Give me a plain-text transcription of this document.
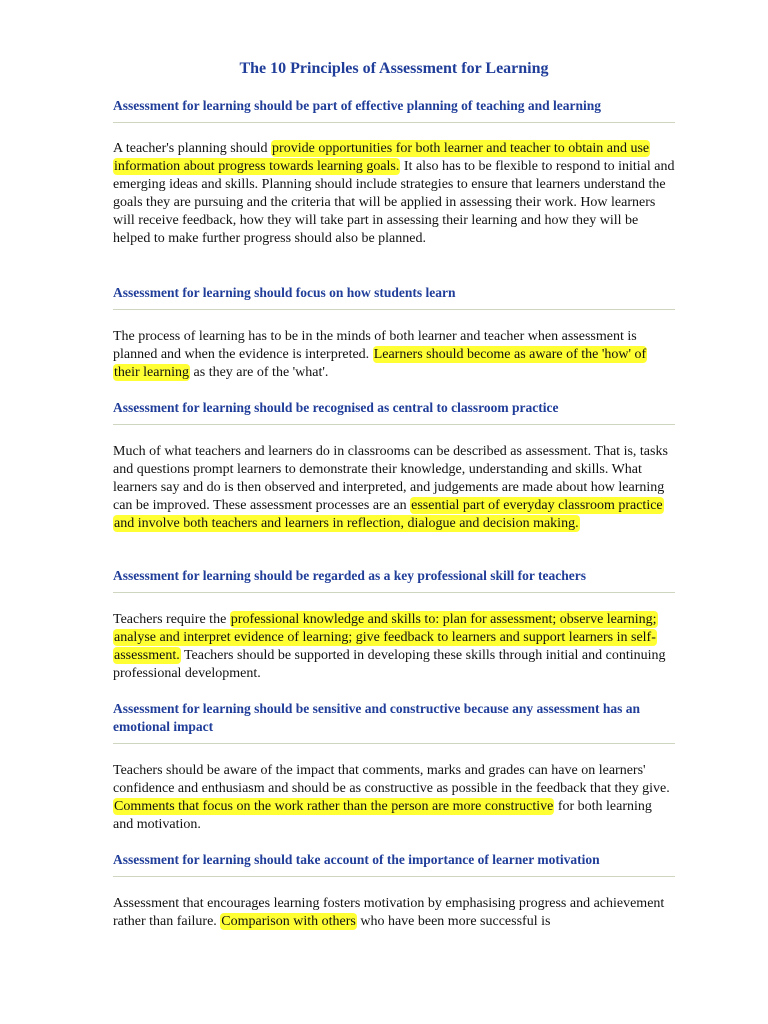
The 10 Principles of Assessment for Learning
Assessment for learning should be part of effective planning of teaching and learning

A teacher's planning should provide opportunities for both learner and teacher to obtain and use information about progress towards learning goals. It also has to be flexible to respond to initial and emerging ideas and skills. Planning should include strategies to ensure that learners understand the goals they are pursuing and the criteria that will be applied in assessing their work. How learners will receive feedback, how they will take part in assessing their learning and how they will be helped to make further progress should also be planned.

Assessment for learning should focus on how students learn

The process of learning has to be in the minds of both learner and teacher when assessment is planned and when the evidence is interpreted. Learners should become as aware of the 'how' of their learning as they are of the 'what'.

Assessment for learning should be recognised as central to classroom practice

Much of what teachers and learners do in classrooms can be described as assessment. That is, tasks and questions prompt learners to demonstrate their knowledge, understanding and skills. What learners say and do is then observed and interpreted, and judgements are made about how learning can be improved. These assessment processes are an essential part of everyday classroom practice and involve both teachers and learners in reflection, dialogue and decision making.

Assessment for learning should be regarded as a key professional skill for teachers

Teachers require the professional knowledge and skills to: plan for assessment; observe learning; analyse and interpret evidence of learning; give feedback to learners and support learners in self-assessment. Teachers should be supported in developing these skills through initial and continuing professional development.

Assessment for learning should be sensitive and constructive because any assessment has an emotional impact

Teachers should be aware of the impact that comments, marks and grades can have on learners' confidence and enthusiasm and should be as constructive as possible in the feedback that they give. Comments that focus on the work rather than the person are more constructive for both learning and motivation.

Assessment for learning should take account of the importance of learner motivation

Assessment that encourages learning fosters motivation by emphasising progress and achievement rather than failure. Comparison with others who have been more successful is
